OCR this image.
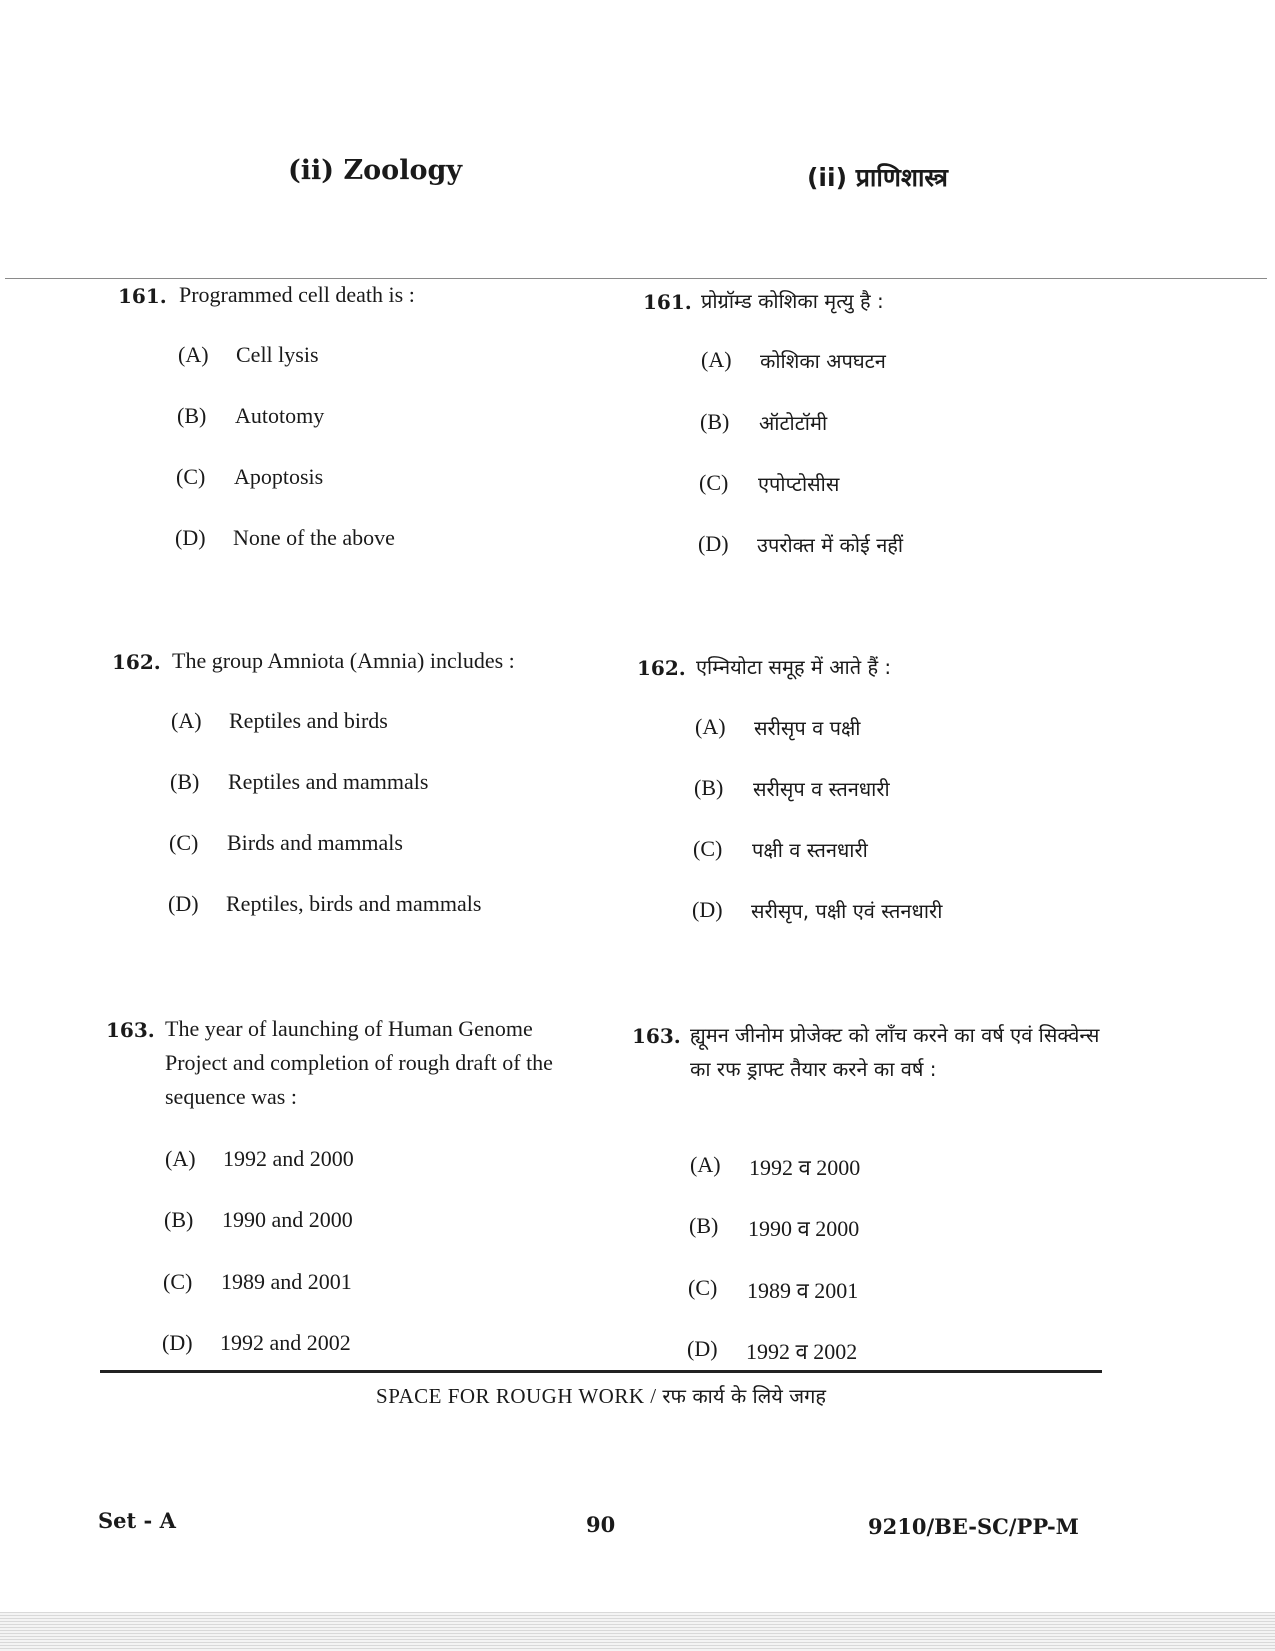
(ii) Zoology	(ii) प्राणिशास्त्र
161. Programmed cell death is :
(A) Cell lysis
(B) Autotomy
(C) Apoptosis
(D) None of the above
161. प्रोग्रॉम्ड कोशिका मृत्यु है :
(A) कोशिका अपघटन
(B) ऑटोटॉमी
(C) एपोप्टोसीस
(D) उपरोक्त में कोई नहीं
162. The group Amniota (Amnia) includes :
(A) Reptiles and birds
(B) Reptiles and mammals
(C) Birds and mammals
(D) Reptiles, birds and mammals
162. एम्नियोटा समूह में आते हैं :
(A) सरीसृप व पक्षी
(B) सरीसृप व स्तनधारी
(C) पक्षी व स्तनधारी
(D) सरीसृप, पक्षी एवं स्तनधारी
163. The year of launching of Human Genome Project and completion of rough draft of the sequence was :
(A) 1992 and 2000
(B) 1990 and 2000
(C) 1989 and 2001
(D) 1992 and 2002
163. ह्यूमन जीनोम प्रोजेक्ट को लाँच करने का वर्ष एवं सिक्वेन्स का रफ ड्राफ्ट तैयार करने का वर्ष :
(A) 1992 व 2000
(B) 1990 व 2000
(C) 1989 व 2001
(D) 1992 व 2002
SPACE FOR ROUGH WORK / रफ कार्य के लिये जगह
Set - A	90	9210/BE-SC/PP-M
